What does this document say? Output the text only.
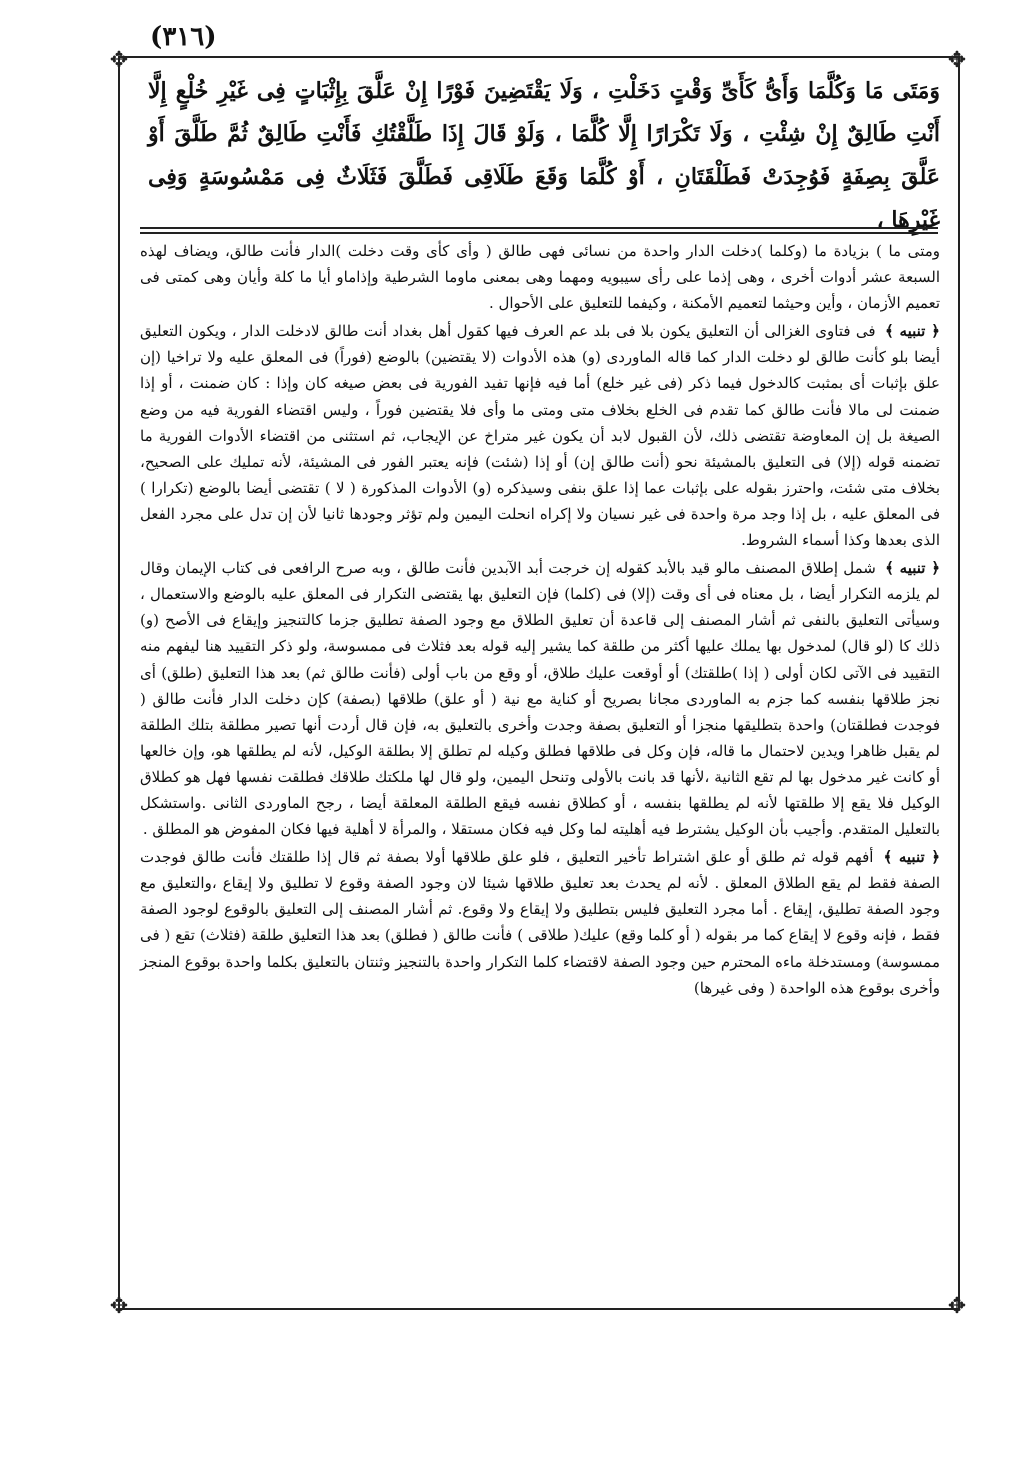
(٣١٦)
✥	✥
✥	✥

وَمَتَى مَا وَكُلَّمَا وَأَىُّ كَأَىِّ وَقْتٍ دَخَلْتِ ، وَلَا يَقْتَضِينَ فَوْرًا إِنْ عَلَّقَ بِإِثْبَاتٍ فِى غَيْرِ خُلْعٍ إِلَّا أَنْتِ طَالِقٌ إِنْ شِئْتِ ، وَلَا تَكْرَارًا إِلَّا كُلَّمَا ، وَلَوْ قَالَ إِذَا طَلَّقْتُكِ فَأَنْتِ طَالِقٌ ثُمَّ طَلَّقَ أَوْ عَلَّقَ بِصِفَةٍ فَوُجِدَتْ فَطَلْقَتَانِ ، أَوْ كُلَّمَا وَقَعَ طَلَاقِى فَطَلَّقَ فَثَلَاثٌ فِى مَمْسُوسَةٍ وَفِى غَيْرِهَا ،

ومتى ما ) بزيادة ما (وكلما )دخلت الدار واحدة من نسائى فهى طالق ( وأى كأى وقت دخلت )الدار فأنت طالق، ويضاف لهذه السبعة عشر أدوات أخرى ، وهى إذما على رأى سيبويه ومهما وهى بمعنى ماوما الشرطية وإذاماو أيا ما كلة وأيان وهى كمتى فى تعميم الأزمان ، وأين وحيثما لتعميم الأمكنة ، وكيفما للتعليق على الأحوال .

﴿ تنبيه ﴾ فى فتاوى الغزالى أن التعليق يكون بلا فى بلد عم العرف فيها كقول أهل بغداد أنت طالق لادخلت الدار ، ويكون التعليق أيضا بلو كأنت طالق لو دخلت الدار كما قاله الماوردى (و) هذه الأدوات (لا يقتضين) بالوضع (فوراً) فى المعلق عليه ولا تراخيا (إن علق بإثبات أى بمثبت كالدخول فيما ذكر (فى غير خلع) أما فيه فإنها تفيد الفورية فى بعض صيغه كان وإذا : كان ضمنت ، أو إذا ضمنت لى مالا فأنت طالق كما تقدم فى الخلع بخلاف متى ومتى ما وأى فلا يقتضين فوراً ، وليس اقتضاء الفورية فيه من وضع الصيغة بل إن المعاوضة تقتضى ذلك، لأن القبول لابد أن يكون غير متراخ عن الإيجاب، ثم استثنى من اقتضاء الأدوات الفورية ما تضمنه قوله (إلا) فى التعليق بالمشيئة نحو (أنت طالق إن) أو إذا (شئت) فإنه يعتبر الفور فى المشيئة، لأنه تمليك على الصحيح، بخلاف متى شئت، واحترز بقوله على بإثبات عما إذا علق بنفى وسيذكره (و) الأدوات المذكورة ( لا ) تقتضى أيضا بالوضع (تكرارا ) فى المعلق عليه ، بل إذا وجد مرة واحدة فى غير نسيان ولا إكراه انحلت اليمين ولم تؤثر وجودها ثانيا لأن إن تدل على مجرد الفعل الذى بعدها وكذا أسماء الشروط.

﴿ تنبيه ﴾ شمل إطلاق المصنف مالو قيد بالأبد كقوله إن خرجت أبد الآبدين فأنت طالق ، وبه صرح الرافعى فى كتاب الإيمان وقال لم يلزمه التكرار أيضا ، بل معناه فى أى وقت (إلا) فى (كلما) فإن التعليق بها يقتضى التكرار فى المعلق عليه بالوضع والاستعمال ، وسيأتى التعليق بالنفى ثم أشار المصنف إلى قاعدة أن تعليق الطلاق مع وجود الصفة تطليق جزما كالتنجيز وإيقاع فى الأصح (و) ذلك كا (لو قال) لمدخول بها يملك عليها أكثر من طلقة كما يشير إليه قوله بعد فثلاث فى ممسوسة، ولو ذكر التقييد هنا ليفهم منه التقييد فى الآتى لكان أولى ( إذا )طلقتك) أو أوقعت عليك طلاق، أو وقع من باب أولى (فأنت طالق ثم) بعد هذا التعليق (طلق) أى نجز طلاقها بنفسه كما جزم به الماوردى مجانا بصريح أو كناية مع نية ( أو علق) طلاقها (بصفة) كإن دخلت الدار فأنت طالق ( فوجدت فطلقتان) واحدة بتطليقها منجزا أو التعليق بصفة وجدت وأخرى بالتعليق به، فإن قال أردت أنها تصير مطلقة بتلك الطلقة لم يقبل ظاهرا ويدين لاحتمال ما قاله، فإن وكل فى طلاقها فطلق وكيله لم تطلق إلا بطلقة الوكيل، لأنه لم يطلقها هو، وإن خالعها أو كانت غير مدخول بها لم تقع الثانية ،لأنها قد بانت بالأولى وتنحل اليمين، ولو قال لها ملكتك طلاقك فطلقت نفسها فهل هو كطلاق الوكيل فلا يقع إلا طلقتها لأنه لم يطلقها بنفسه ، أو كطلاق نفسه فيقع الطلقة المعلقة أيضا ، رجح الماوردى الثانى .واستشكل بالتعليل المتقدم. وأجيب بأن الوكيل يشترط فيه أهليته لما وكل فيه فكان مستقلا ، والمرأة لا أهلية فيها فكان المفوض هو المطلق .

﴿ تنبيه ﴾ أفهم قوله ثم طلق أو علق اشتراط تأخير التعليق ، فلو علق طلاقها أولا بصفة ثم قال إذا طلقتك فأنت طالق فوجدت الصفة فقط لم يقع الطلاق المعلق . لأنه لم يحدث بعد تعليق طلاقها شيئا لان وجود الصفة وقوع لا تطليق ولا إيقاع ،والتعليق مع وجود الصفة تطليق، إيقاع . أما مجرد التعليق فليس بتطليق ولا إيقاع ولا وقوع. ثم أشار المصنف إلى التعليق بالوقوع لوجود الصفة فقط ، فإنه وقوع لا إيقاع كما مر بقوله ( أو كلما وقع) عليك( طلاقى ) فأنت طالق ( فطلق) بعد هذا التعليق طلقة (فثلاث) تقع ( فى ممسوسة) ومستدخلة ماءه المحترم حين وجود الصفة لاقتضاء كلما التكرار واحدة بالتنجيز وثنتان بالتعليق بكلما واحدة بوقوع المنجز وأخرى بوقوع هذه الواحدة ( وفى غيرها)
